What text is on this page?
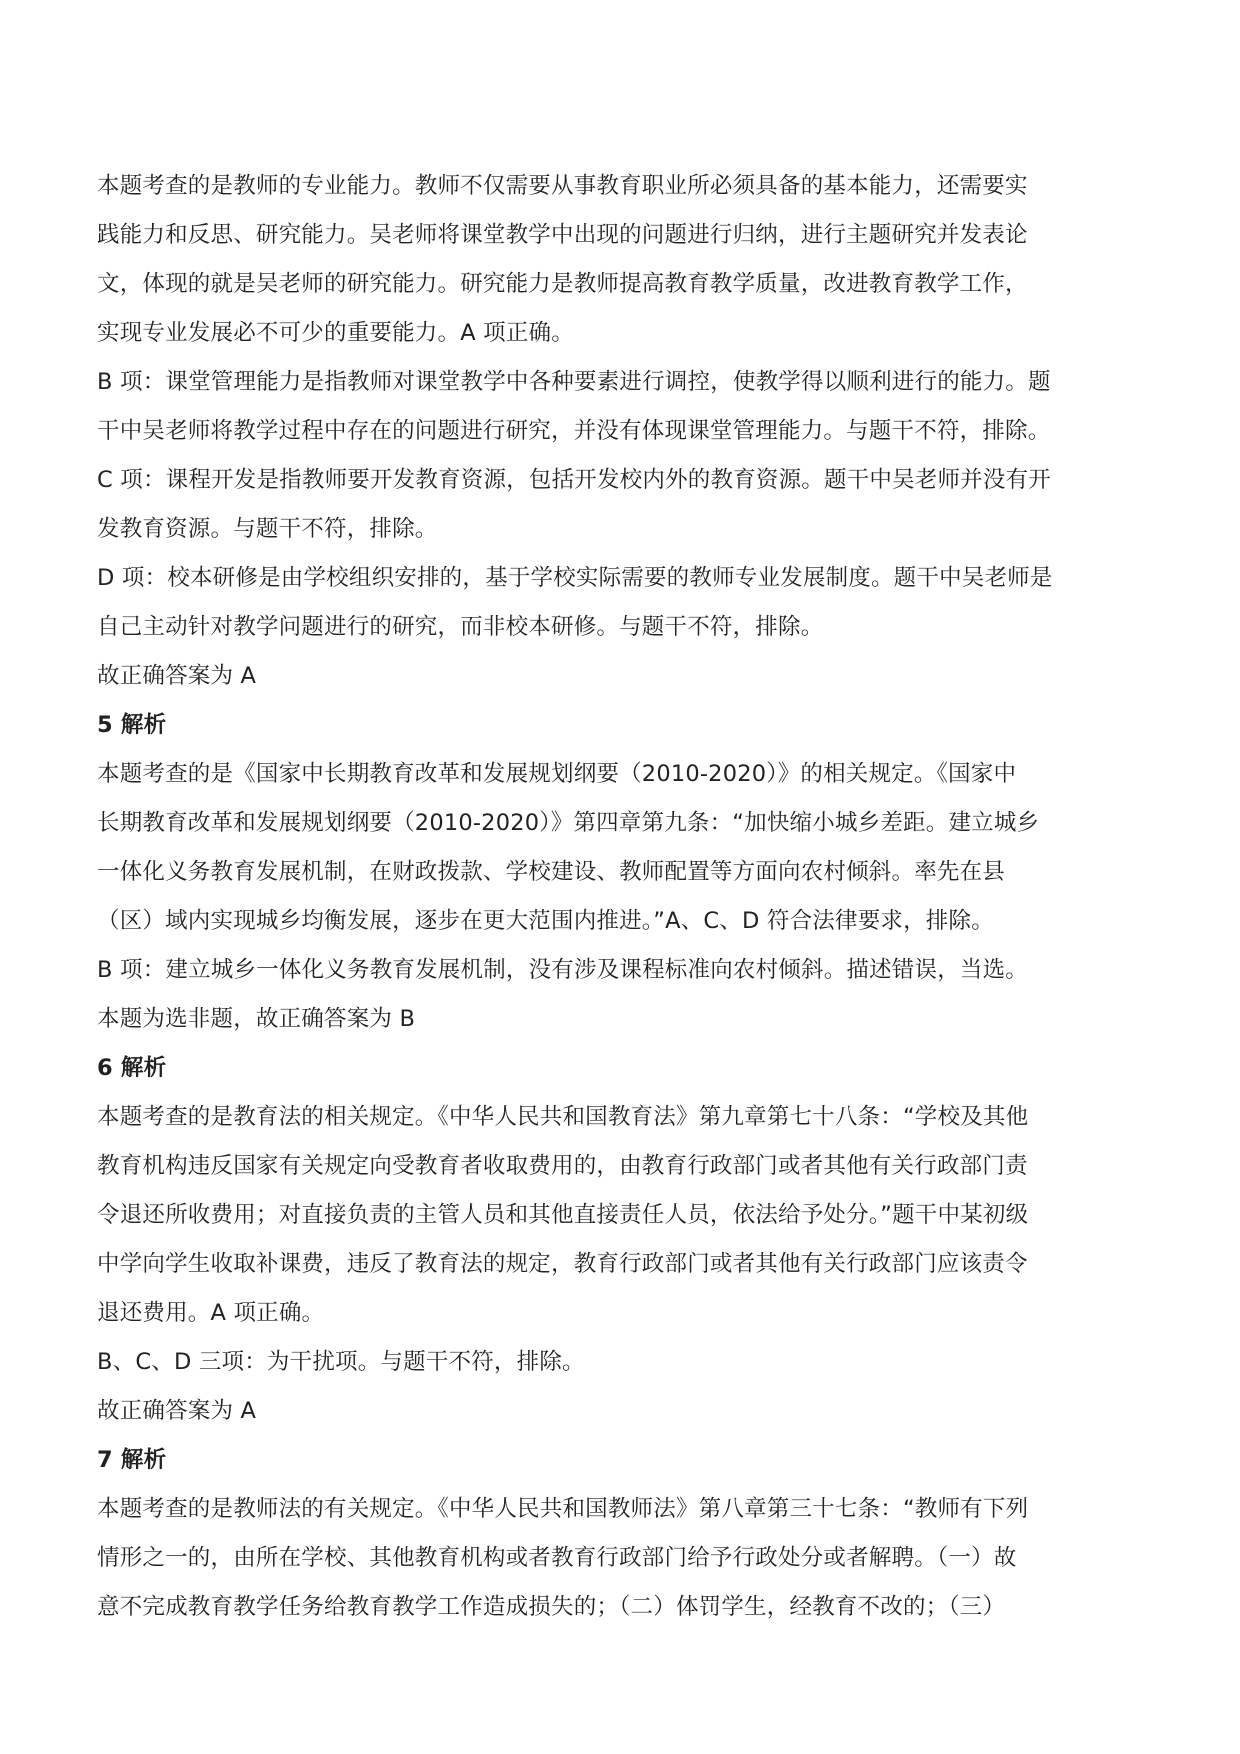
本题考查的是教师的专业能力。教师不仅需要从事教育职业所必须具备的基本能力，还需要实
践能力和反思、研究能力。吴老师将课堂教学中出现的问题进行归纳，进行主题研究并发表论
文，体现的就是吴老师的研究能力。研究能力是教师提高教育教学质量，改进教育教学工作，
实现专业发展必不可少的重要能力。A 项正确。
B 项：课堂管理能力是指教师对课堂教学中各种要素进行调控，使教学得以顺利进行的能力。题
干中吴老师将教学过程中存在的问题进行研究，并没有体现课堂管理能力。与题干不符，排除。
C 项：课程开发是指教师要开发教育资源，包括开发校内外的教育资源。题干中吴老师并没有开
发教育资源。与题干不符，排除。
D 项：校本研修是由学校组织安排的，基于学校实际需要的教师专业发展制度。题干中吴老师是
自己主动针对教学问题进行的研究，而非校本研修。与题干不符，排除。
故正确答案为 A
5 解析
本题考查的是《国家中长期教育改革和发展规划纲要（2010-2020）》的相关规定。《国家中
长期教育改革和发展规划纲要（2010-2020）》第四章第九条：“加快缩小城乡差距。建立城乡
一体化义务教育发展机制，在财政拨款、学校建设、教师配置等方面向农村倾斜。率先在县
（区）域内实现城乡均衡发展，逐步在更大范围内推进。”A、C、D 符合法律要求，排除。
B 项：建立城乡一体化义务教育发展机制，没有涉及课程标准向农村倾斜。描述错误，当选。
本题为选非题，故正确答案为 B
6 解析
本题考查的是教育法的相关规定。《中华人民共和国教育法》第九章第七十八条：“学校及其他
教育机构违反国家有关规定向受教育者收取费用的，由教育行政部门或者其他有关行政部门责
令退还所收费用；对直接负责的主管人员和其他直接责任人员，依法给予处分。”题干中某初级
中学向学生收取补课费，违反了教育法的规定，教育行政部门或者其他有关行政部门应该责令
退还费用。A 项正确。
B、C、D 三项：为干扰项。与题干不符，排除。
故正确答案为 A
7 解析
本题考查的是教师法的有关规定。《中华人民共和国教师法》第八章第三十七条：“教师有下列
情形之一的，由所在学校、其他教育机构或者教育行政部门给予行政处分或者解聘。（一）故
意不完成教育教学任务给教育教学工作造成损失的；（二）体罚学生，经教育不改的；（三）
